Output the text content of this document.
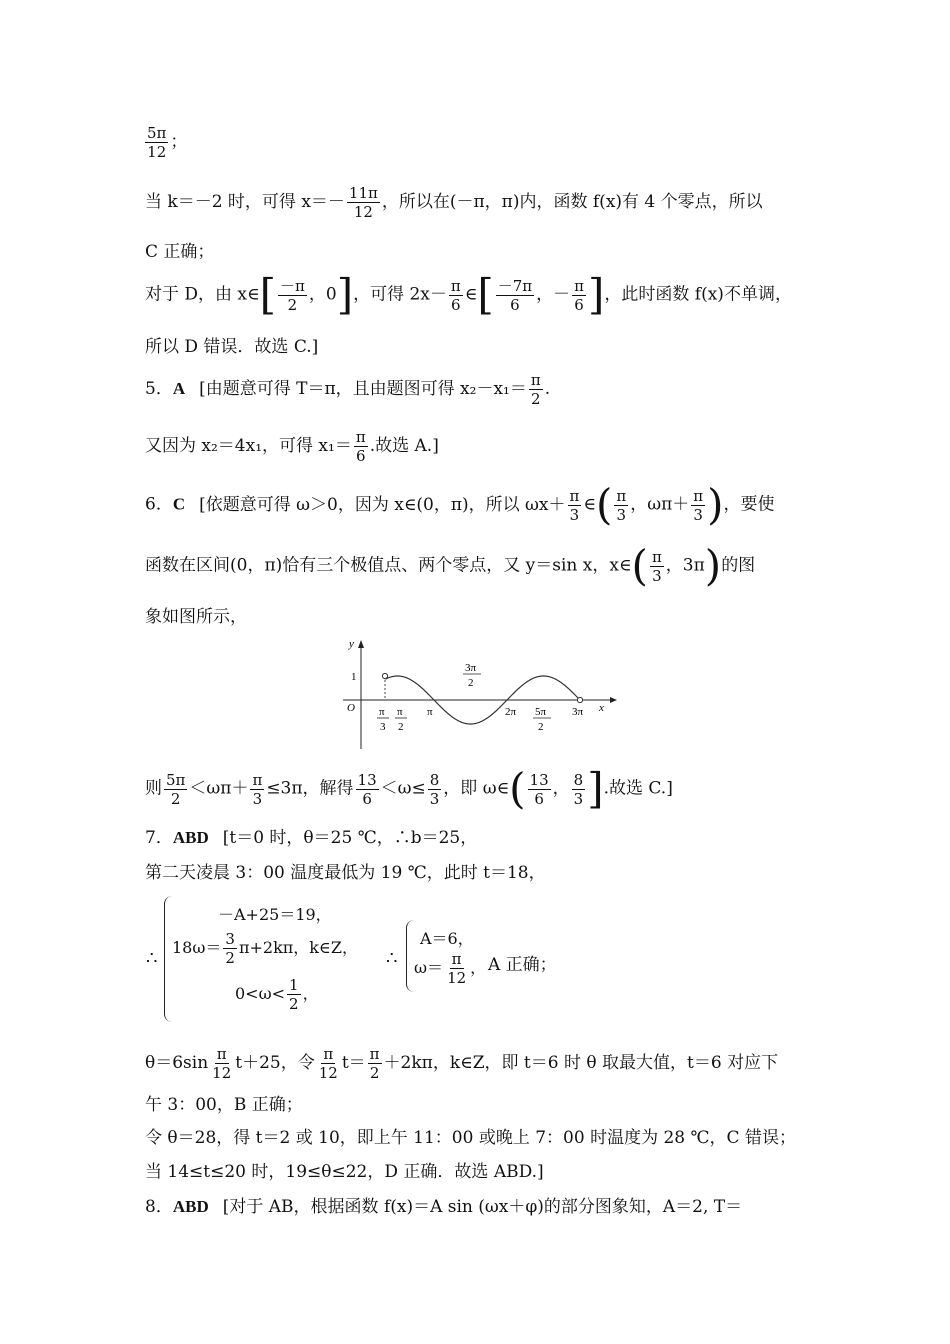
$\frac{5\pi}{12}$ ；
当 k＝－2 时，可得 $x=- \frac{11\pi}{12}$ ，所以在(－π，π)内，函数 f(x)有 4 个零点，所以
C 正确；
对于 D，由 x∈[ $\frac{-\pi}{2}$ ，0]，可得 $2x- \frac{\pi}{6}$ ∈[ $\frac{-7\pi}{6}$ ，－ $\frac{\pi}{6}$ ]，此时函数 f(x)不单调，
所以 D 错误．故选 C.]
5．A [由题意可得 T＝π，且由题图可得 $x_2-x_1= \frac{\pi}{2}$ .
又因为 x₂＝4x₁，可得 $x_1= \frac{\pi}{6}$ .故选 A.]
6．C [依题意可得 ω＞0，因为 x∈(0，π)，所以 $\omega x+ \frac{\pi}{3}$ ∈( $\frac{\pi}{3}$ ，$\omega\pi+ \frac{\pi}{3}$ )，要使
函数在区间(0，π)恰有三个极值点、两个零点，又 y＝sin x，x∈( $\frac{\pi}{3}$ ，3π)的图
象如图所示，
y
1
O	x
3π
2
π
3
π
2
π	2π 5π
2
3π
则 $\frac{5\pi}{2} <\omega\pi+ \frac{\pi}{3} \le 3\pi$，解得 $\frac{13}{6} <\omega\le \frac{8}{3}$ ，即 ω∈( $\frac{13}{6}$ ， $\frac{8}{3}$ ].故选 C.]
7．ABD [t＝0 时，θ＝25 ℃，∴b＝25，
第二天凌晨 3：00 温度最低为 19 ℃，此时 t＝18，
∴
－A+25＝19，
$18\omega= \frac{3}{2} \pi+2k\pi$，k∈Z，
$0<\omega< \frac{1}{2}$ ，
∴
A＝6，
$\omega= \frac{\pi}{12}$ ， A 正确；
$\theta=6\sin \frac{\pi}{12} t+25$，令 $\frac{\pi}{12} t= \frac{\pi}{2} +2k\pi$，k∈Z，即 t＝6 时 θ 取最大值，t＝6 对应下
午 3：00，B 正确；
令 θ＝28，得 t＝2 或 10，即上午 11：00 或晚上 7：00 时温度为 28 ℃，C 错误；
当 14≤t≤20 时，19≤θ≤22，D 正确．故选 ABD.]
8．ABD [对于 AB，根据函数 f(x)＝A sin (ωx＋φ)的部分图象知，A＝2, T＝
